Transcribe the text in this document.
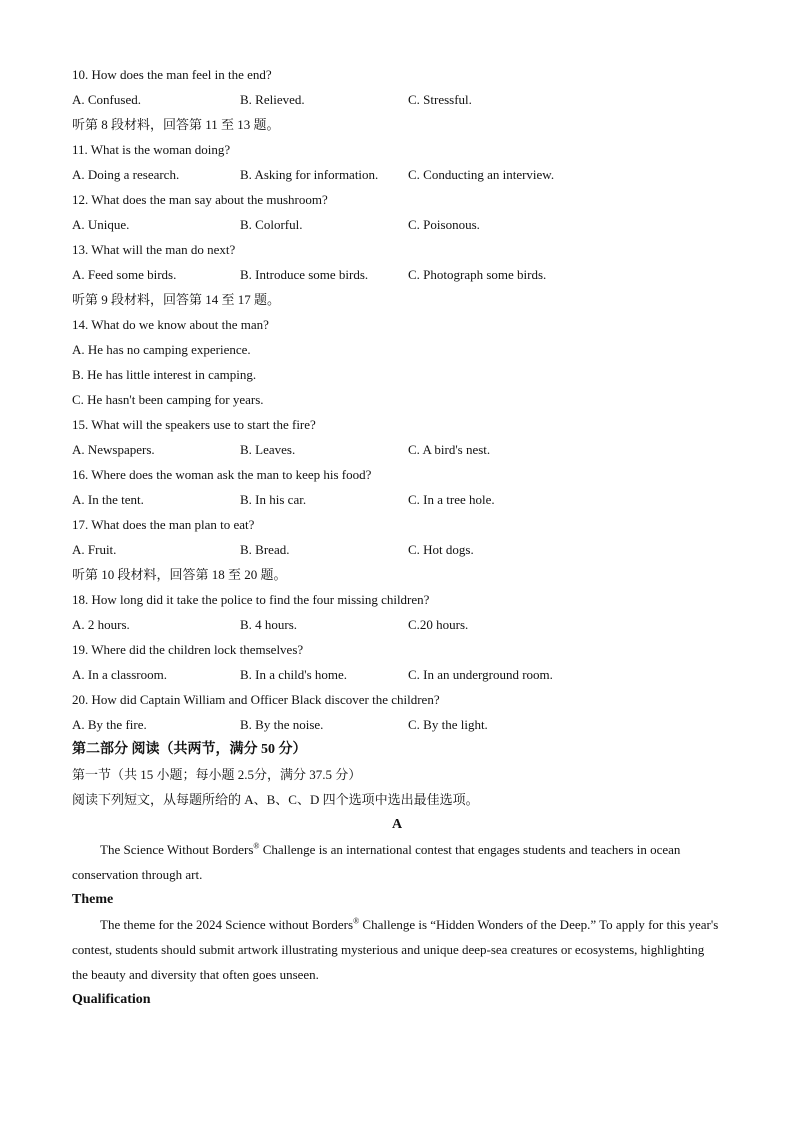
10. How does the man feel in the end?
A. Confused.	B. Relieved.	C. Stressful.
听第 8 段材料，回答第 11 至 13 题。
11. What is the woman doing?
A. Doing a research.	B. Asking for information. C. Conducting an interview.
12. What does the man say about the mushroom?
A. Unique.	B. Colorful.	C. Poisonous.
13. What will the man do next?
A. Feed some birds.	B. Introduce some birds.	C. Photograph some birds.
听第 9 段材料，回答第 14 至 17 题。
14. What do we know about the man?
A. He has no camping experience.
B. He has little interest in camping.
C. He hasn't been camping for years.
15. What will the speakers use to start the fire?
A. Newspapers.	B. Leaves.	C. A bird's nest.
16. Where does the woman ask the man to keep his food?
A. In the tent.	B. In his car.	C. In a tree hole.
17. What does the man plan to eat?
A. Fruit.	B. Bread.	C. Hot dogs.
听第 10 段材料，回答第 18 至 20 题。
18. How long did it take the police to find the four missing children?
A. 2 hours.	B. 4 hours.	C.20 hours.
19. Where did the children lock themselves?
A. In a classroom.	B. In a child's home.	C. In an underground room.
20. How did Captain William and Officer Black discover the children?
A. By the fire.	B. By the noise.	C. By the light.
第二部分 阅读（共两节，满分 50 分）
第一节（共 15 小题；每小题 2.5分，满分 37.5 分）
阅读下列短文，从每题所给的 A、B、C、D 四个选项中选出最佳选项。
A
The Science Without Borders® Challenge is an international contest that engages students and teachers in ocean conservation through art.
Theme
The theme for the 2024 Science without Borders® Challenge is “Hidden Wonders of the Deep.” To apply for this year's contest, students should submit artwork illustrating mysterious and unique deep-sea creatures or ecosystems, highlighting the beauty and diversity that often goes unseen.
Qualification
